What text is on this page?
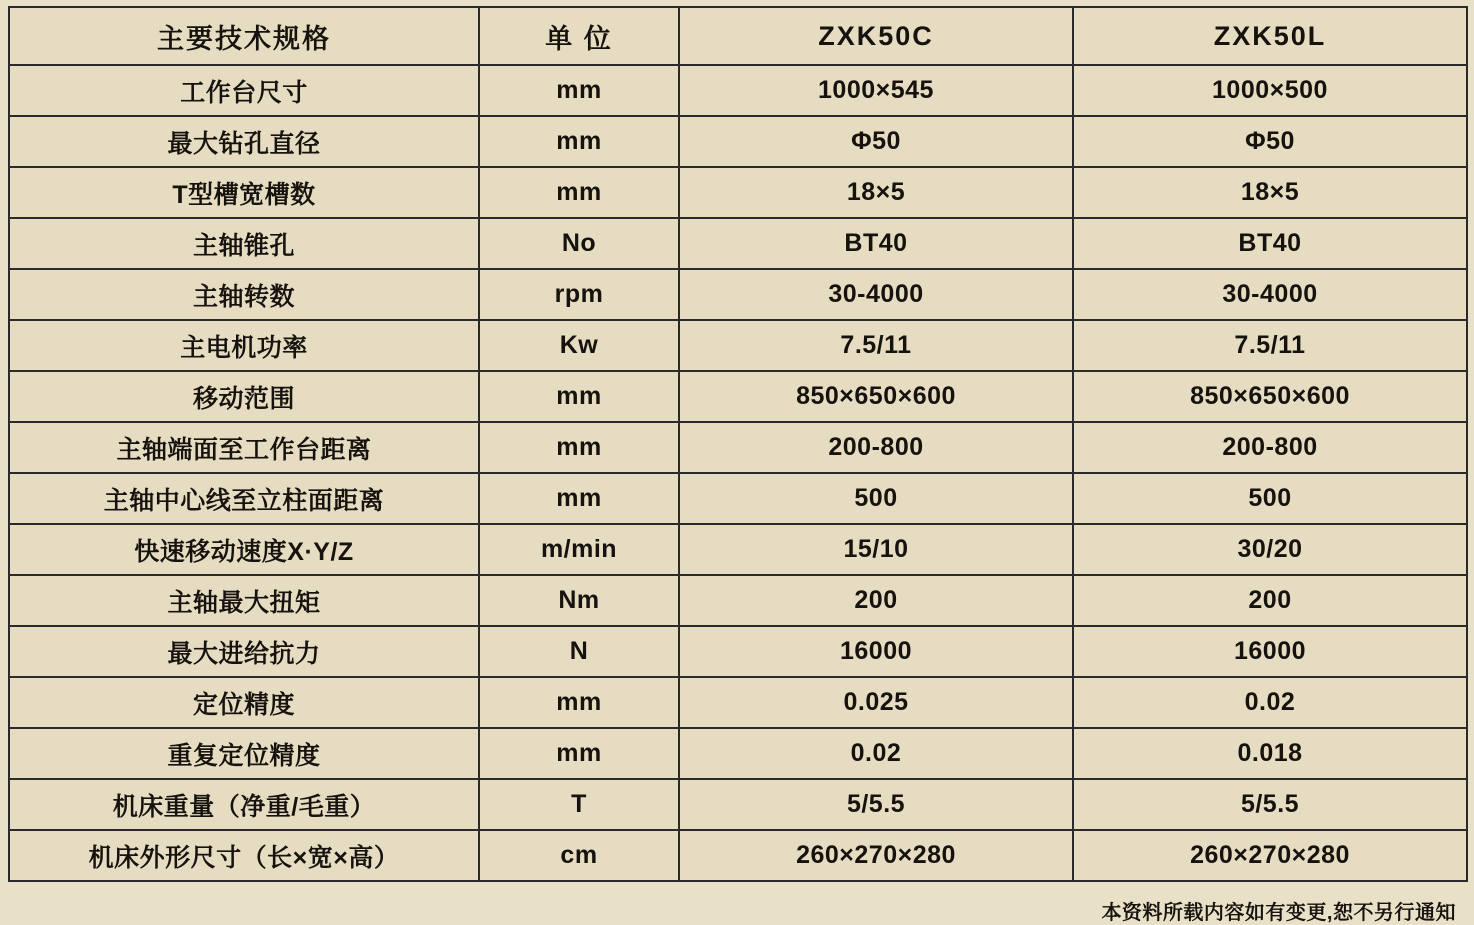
主要技术规格	单 位	ZXK50C	ZXK50L
工作台尺寸	mm	1000×545	1000×500
最大钻孔直径	mm	Φ50	Φ50
T型槽宽槽数	mm	18×5	18×5
主轴锥孔	No	BT40	BT40
主轴转数	rpm	30-4000	30-4000
主电机功率	Kw	7.5/11	7.5/11
移动范围	mm	850×650×600	850×650×600
主轴端面至工作台距离	mm	200-800	200-800
主轴中心线至立柱面距离	mm	500	500
快速移动速度X·Y/Z	m/min	15/10	30/20
主轴最大扭矩	Nm	200	200
最大进给抗力	N	16000	16000
定位精度	mm	0.025	0.02
重复定位精度	mm	0.02	0.018
机床重量（净重/毛重）	T	5/5.5	5/5.5
机床外形尺寸（长×宽×高）	cm	260×270×280	260×270×280
本资料所载内容如有变更,恕不另行通知
